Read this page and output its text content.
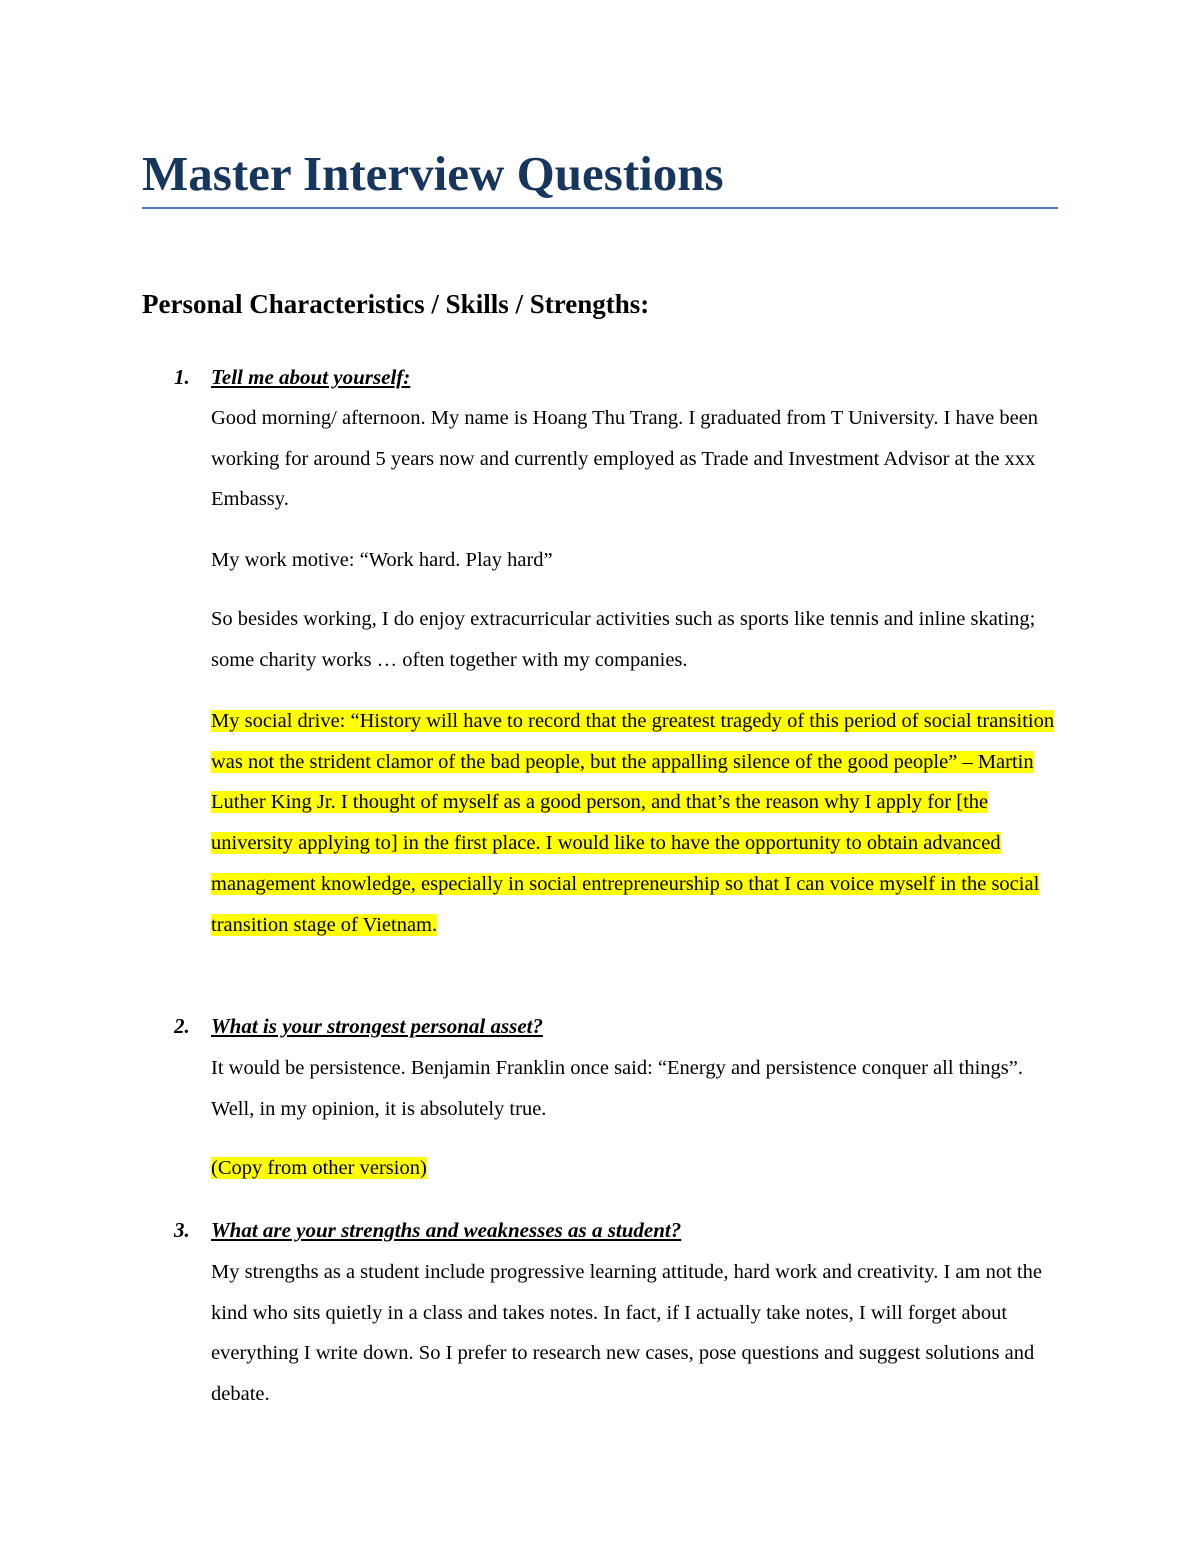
Master Interview Questions
Personal Characteristics / Skills / Strengths:
1. Tell me about yourself:

Good morning/ afternoon. My name is Hoang Thu Trang. I graduated from T University. I have been working for around 5 years now and currently employed as Trade and Investment Advisor at the xxx Embassy.

My work motive: “Work hard. Play hard”

So besides working, I do enjoy extracurricular activities such as sports like tennis and inline skating; some charity works … often together with my companies.

My social drive: “History will have to record that the greatest tragedy of this period of social transition was not the strident clamor of the bad people, but the appalling silence of the good people” – Martin Luther King Jr. I thought of myself as a good person, and that’s the reason why I apply for [the university applying to] in the first place. I would like to have the opportunity to obtain advanced management knowledge, especially in social entrepreneurship so that I can voice myself in the social transition stage of Vietnam.

2. What is your strongest personal asset?

It would be persistence. Benjamin Franklin once said: “Energy and persistence conquer all things”. Well, in my opinion, it is absolutely true.

(Copy from other version)

3. What are your strengths and weaknesses as a student?

My strengths as a student include progressive learning attitude, hard work and creativity. I am not the kind who sits quietly in a class and takes notes. In fact, if I actually take notes, I will forget about everything I write down. So I prefer to research new cases, pose questions and suggest solutions and debate.
